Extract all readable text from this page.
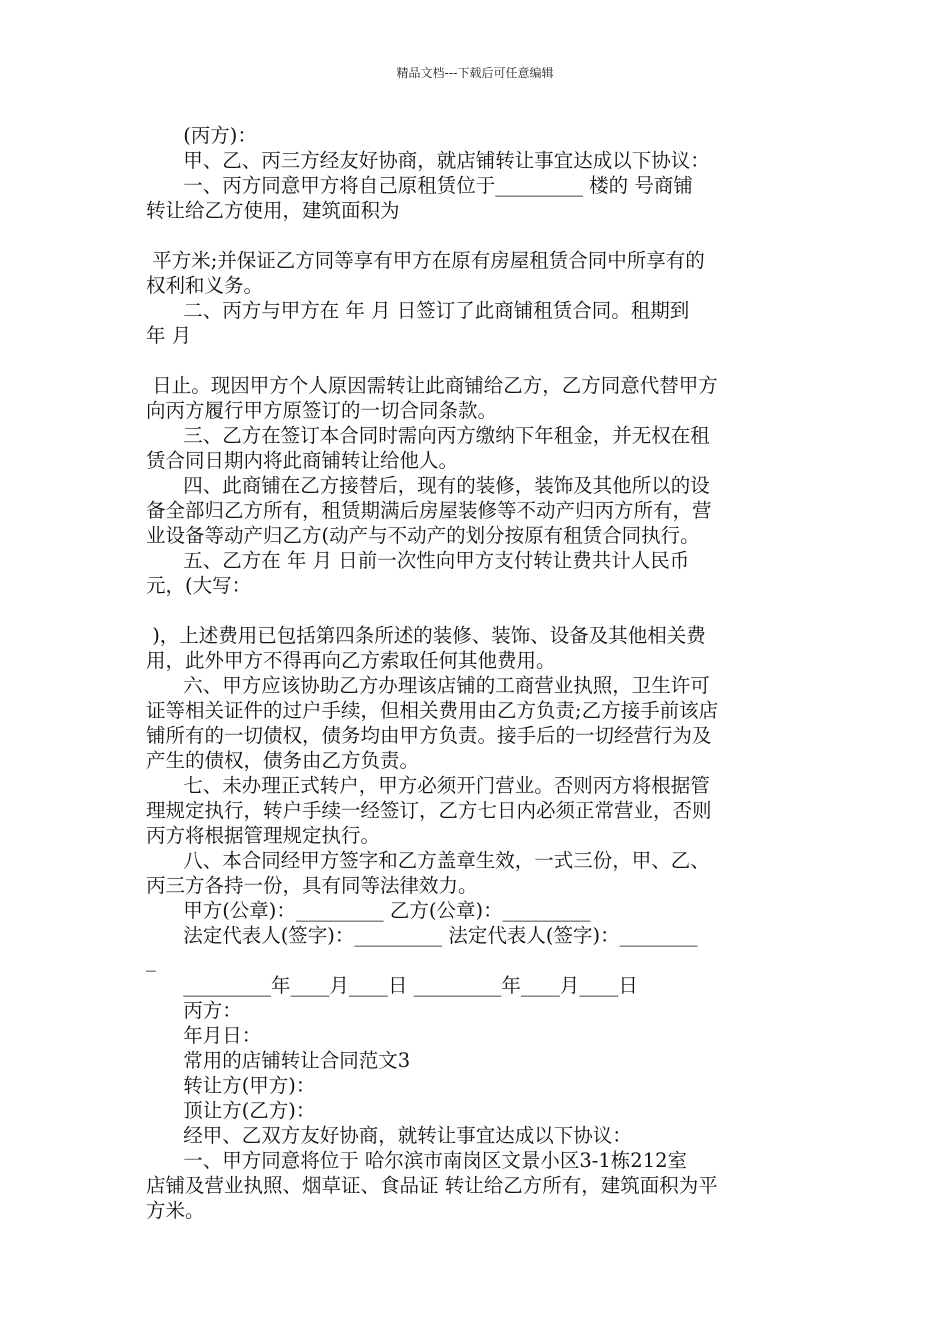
精品文档---下载后可任意编辑
(丙方)：
甲、乙、丙三方经友好协商，就店铺转让事宜达成以下协议：
一、丙方同意甲方将自己原租赁位于_________ 楼的 号商铺
转让给乙方使用，建筑面积为
平方米;并保证乙方同等享有甲方在原有房屋租赁合同中所享有的
权利和义务。
二、丙方与甲方在 年 月 日签订了此商铺租赁合同。租期到
年 月
日止。现因甲方个人原因需转让此商铺给乙方，乙方同意代替甲方
向丙方履行甲方原签订的一切合同条款。
三、乙方在签订本合同时需向丙方缴纳下年租金，并无权在租
赁合同日期内将此商铺转让给他人。
四、此商铺在乙方接替后，现有的装修，装饰及其他所以的设
备全部归乙方所有，租赁期满后房屋装修等不动产归丙方所有，营
业设备等动产归乙方(动产与不动产的划分按原有租赁合同执行。
五、乙方在 年 月 日前一次性向甲方支付转让费共计人民币
元，(大写：
)，上述费用已包括第四条所述的装修、装饰、设备及其他相关费
用，此外甲方不得再向乙方索取任何其他费用。
六、甲方应该协助乙方办理该店铺的工商营业执照，卫生许可
证等相关证件的过户手续，但相关费用由乙方负责;乙方接手前该店
铺所有的一切债权，债务均由甲方负责。接手后的一切经营行为及
产生的债权，债务由乙方负责。
七、未办理正式转户，甲方必须开门营业。否则丙方将根据管
理规定执行，转户手续一经签订，乙方七日内必须正常营业，否则
丙方将根据管理规定执行。
八、本合同经甲方签字和乙方盖章生效，一式三份，甲、乙、
丙三方各持一份，具有同等法律效力。
甲方(公章)：_________ 乙方(公章)：_________
法定代表人(签字)：_________ 法定代表人(签字)：________
_
_________年____月____日 _________年____月____日
丙方：
年月日：
常用的店铺转让合同范文3
转让方(甲方)：
顶让方(乙方)：
经甲、乙双方友好协商，就转让事宜达成以下协议：
一、甲方同意将位于 哈尔滨市南岗区文景小区3-1栋212室
店铺及营业执照、烟草证、食品证 转让给乙方所有，建筑面积为平
方米。
